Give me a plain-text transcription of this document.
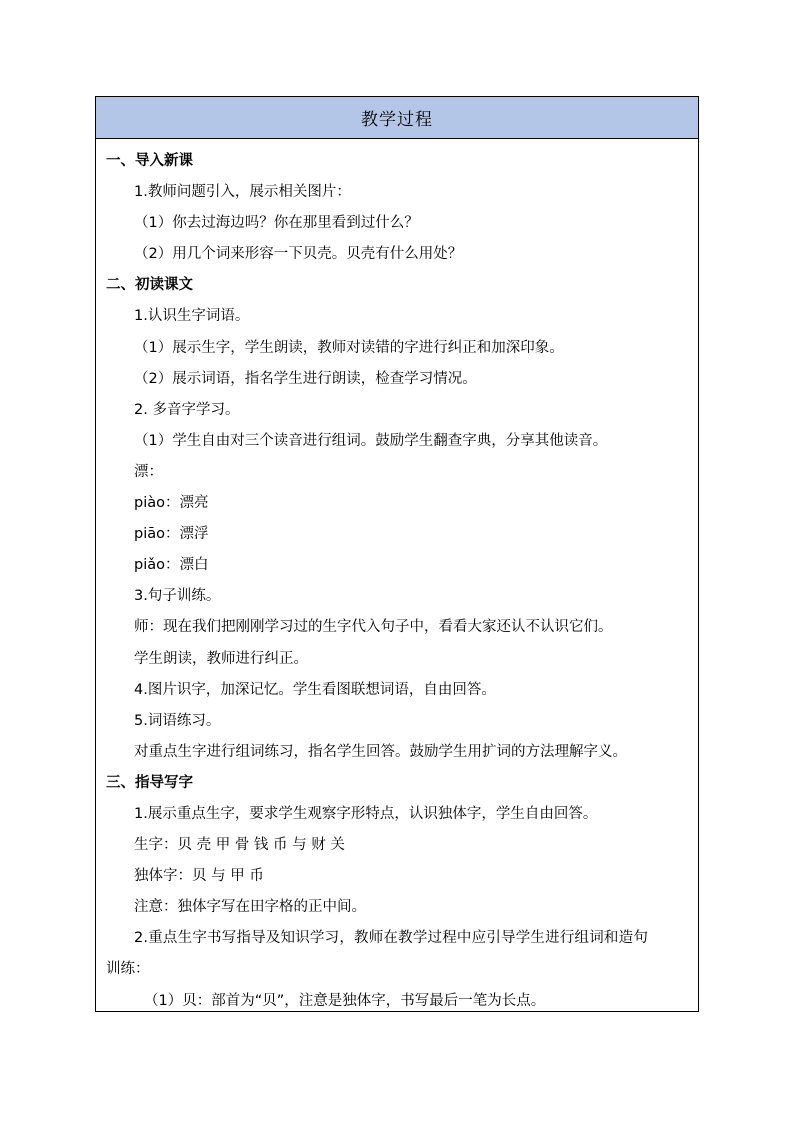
教学过程
一、导入新课
1.教师问题引入，展示相关图片：
（1）你去过海边吗？你在那里看到过什么？
（2）用几个词来形容一下贝壳。贝壳有什么用处？
二、初读课文
1.认识生字词语。
（1）展示生字，学生朗读，教师对读错的字进行纠正和加深印象。
（2）展示词语，指名学生进行朗读，检查学习情况。
2. 多音字学习。
（1）学生自由对三个读音进行组词。鼓励学生翻查字典，分享其他读音。
漂：
piào：漂亮
piāo：漂浮
piǎo：漂白
3.句子训练。
师：现在我们把刚刚学习过的生字代入句子中，看看大家还认不认识它们。
学生朗读，教师进行纠正。
4.图片识字，加深记忆。学生看图联想词语，自由回答。
5.词语练习。
对重点生字进行组词练习，指名学生回答。鼓励学生用扩词的方法理解字义。
三、指导写字
1.展示重点生字，要求学生观察字形特点，认识独体字，学生自由回答。
生字：贝 壳 甲 骨 钱 币 与 财 关
独体字：贝 与 甲 币
注意：独体字写在田字格的正中间。
2.重点生字书写指导及知识学习，教师在教学过程中应引导学生进行组词和造句
训练：
（1）贝：部首为“贝”，注意是独体字，书写最后一笔为长点。
